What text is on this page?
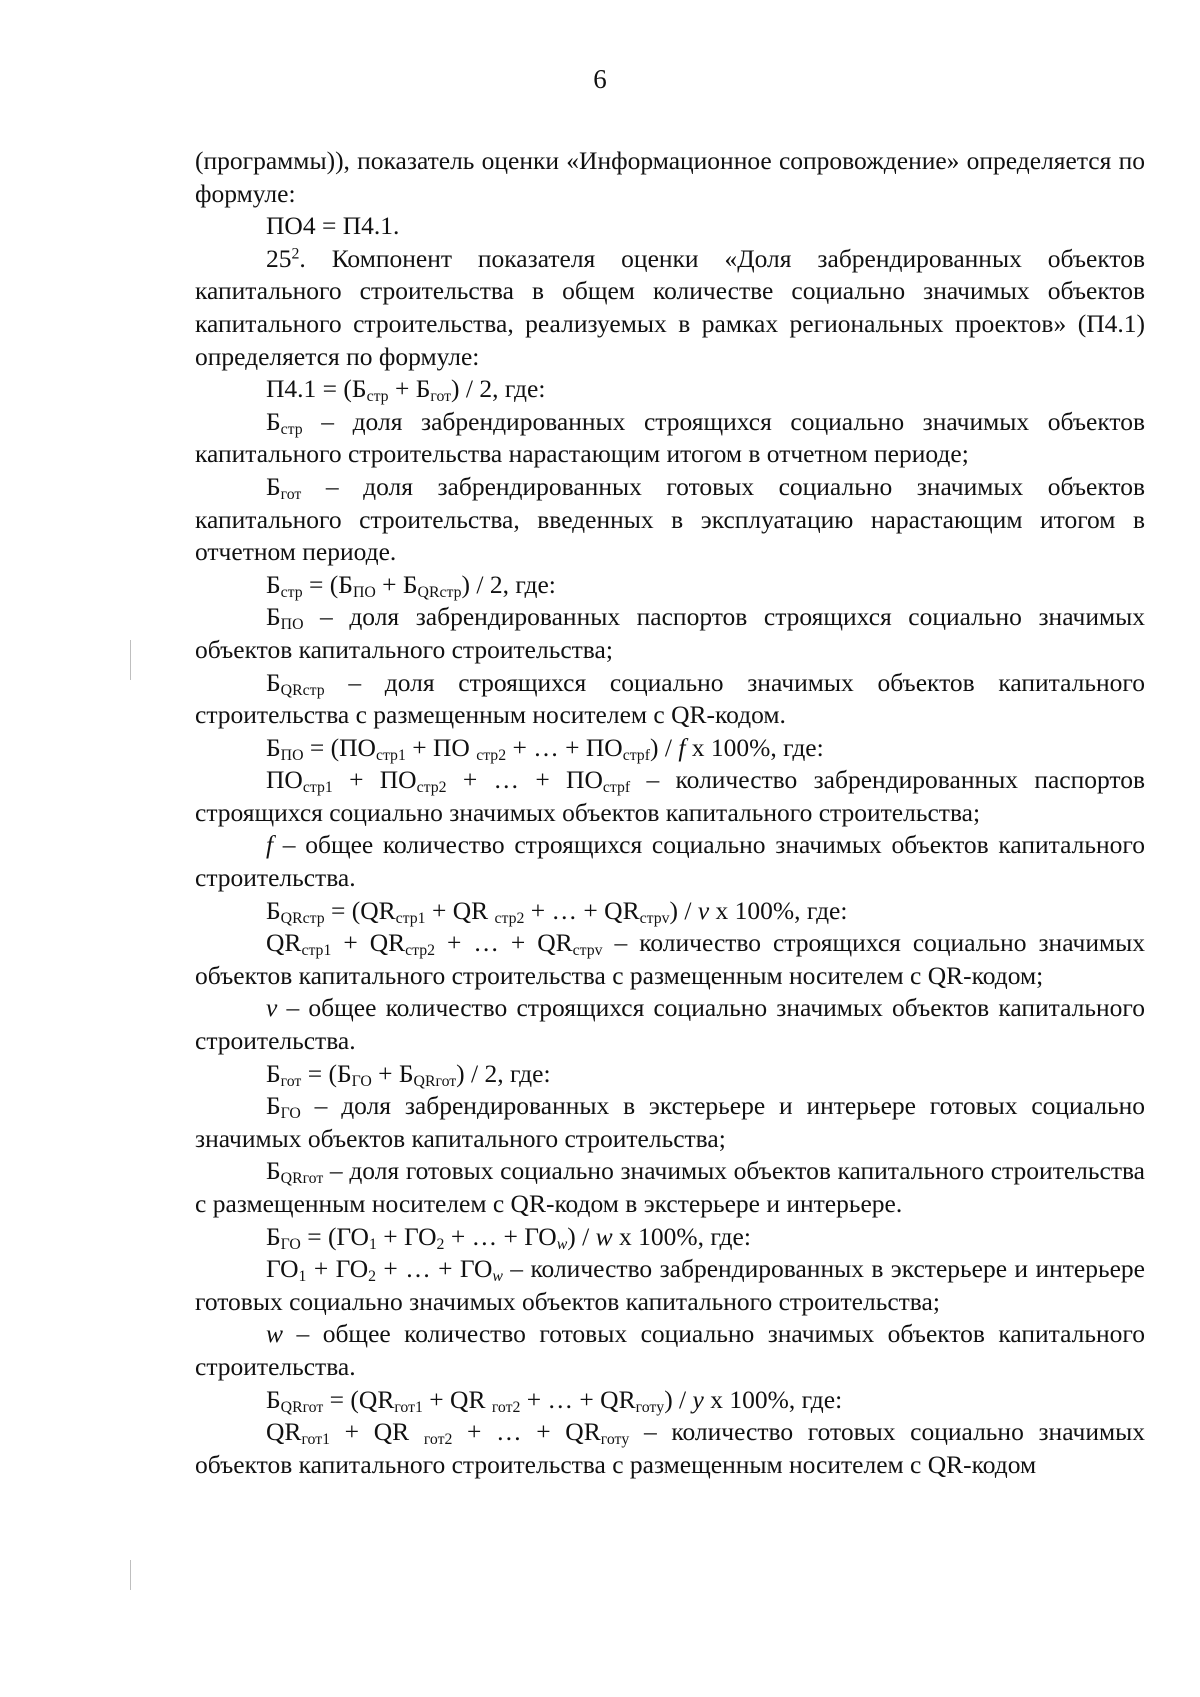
6

(программы)), показатель оценки «Информационное сопровождение» определяется по формуле:

ПО4 = П4.1.

$25^2$. Компонент показателя оценки «Доля забрендированных объектов капитального строительства в общем количестве социально значимых объектов капитального строительства, реализуемых в рамках региональных проектов» (П4.1) определяется по формуле:

$П4.1 = (Б_{стр} + Б_{гот}) / 2$, где:

$Б_{стр}$ – доля забрендированных строящихся социально значимых объектов капитального строительства нарастающим итогом в отчетном периоде;

$Б_{гот}$ – доля забрендированных готовых социально значимых объектов капитального строительства, введенных в эксплуатацию нарастающим итогом в отчетном периоде.

$Б_{стр} = (Б_{ПО} + Б_{QRстр}) / 2$, где:

$Б_{ПО}$ – доля забрендированных паспортов строящихся социально значимых объектов капитального строительства;

$Б_{QRстр}$ – доля строящихся социально значимых объектов капитального строительства с размещенным носителем с QR-кодом.

$Б_{ПО} = (ПО_{стр1}$ + ПО $_{стр2}$ + … + $ПО_{стрf}$) / f х 100%, где:

$ПО_{стр1} + ПО_{стр2}$ + … + $ПО_{стрf}$ – количество забрендированных паспортов строящихся социально значимых объектов капитального строительства;

f – общее количество строящихся социально значимых объектов капитального строительства.

$Б_{QRстр} = (QR_{стр1}$ + QR $_{стр2}$ + … + $QR_{стрv}$) / v х 100%, где:

$QR_{стр1} + QR_{стр2}$ + … + $QR_{стрv}$ – количество строящихся социально значимых объектов капитального строительства с размещенным носителем с QR-кодом;

v – общее количество строящихся социально значимых объектов капитального строительства.

$Б_{гот} = (Б_{ГО} + Б_{QRгот}) / 2$, где:

$Б_{ГО}$ – доля забрендированных в экстерьере и интерьере готовых социально значимых объектов капитального строительства;

$Б_{QRгот}$ – доля готовых социально значимых объектов капитального строительства с размещенным носителем с QR-кодом в экстерьере и интерьере.

$Б_{ГО} = (ГО_1 + ГО_2$ + … + $ГО_w$) / w х 100%, где:

$ГО_1 + ГО_2$ + … + $ГО_w$ – количество забрендированных в экстерьере и интерьере готовых социально значимых объектов капитального строительства;

w – общее количество готовых социально значимых объектов капитального строительства.

$Б_{QRгот} = (QR_{гот1}$ + QR $_{гот2}$ + … + $QR_{готy}$) / y х 100%, где:

$QR_{гот1}$ + QR $_{гот2}$ + … + $QR_{готy}$ – количество готовых социально значимых объектов капитального строительства с размещенным носителем с QR-кодом
